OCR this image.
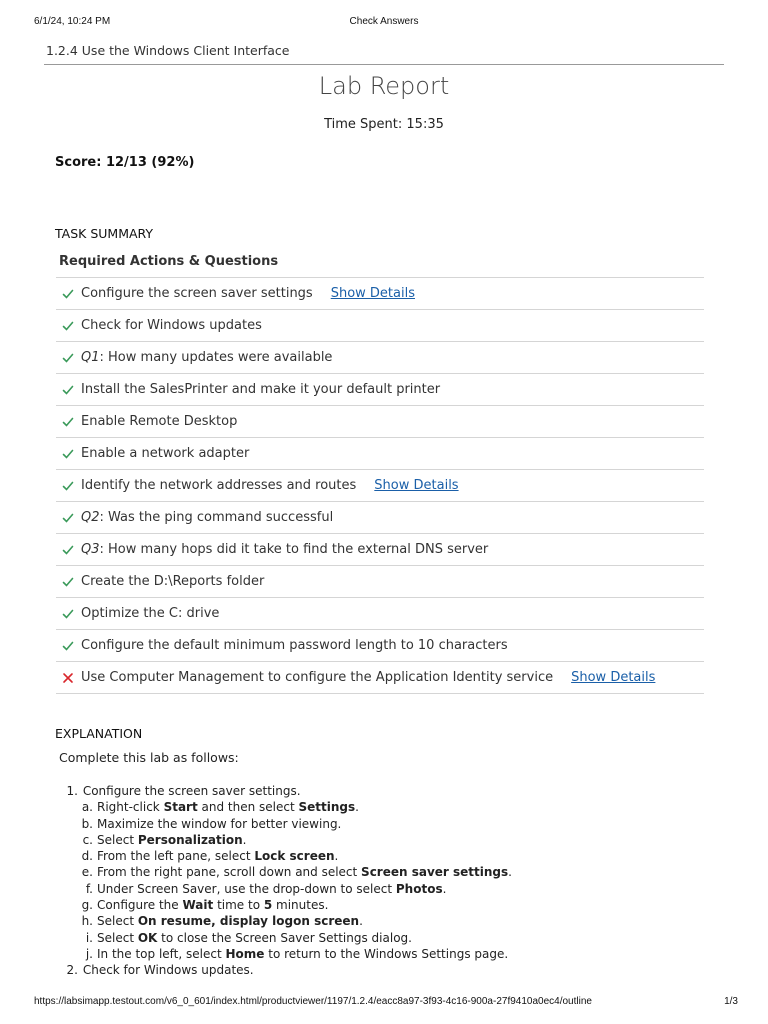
6/1/24, 10:24 PM	Check Answers
1.2.4 Use the Windows Client Interface
Lab Report
Time Spent: 15:35
Score: 12/13 (92%)
TASK SUMMARY
Required Actions & Questions
Configure the screen saver settings Show Details
Check for Windows updates
Q1: How many updates were available
Install the SalesPrinter and make it your default printer
Enable Remote Desktop
Enable a network adapter
Identify the network addresses and routes Show Details
Q2: Was the ping command successful
Q3: How many hops did it take to find the external DNS server
Create the D:\Reports folder
Optimize the C: drive
Configure the default minimum password length to 10 characters
Use Computer Management to configure the Application Identity service Show Details
EXPLANATION
Complete this lab as follows:
1. Configure the screen saver settings.
a. Right-click Start and then select Settings.
b. Maximize the window for better viewing.
c. Select Personalization.
d. From the left pane, select Lock screen.
e. From the right pane, scroll down and select Screen saver settings.
f. Under Screen Saver, use the drop-down to select Photos.
g. Configure the Wait time to 5 minutes.
h. Select On resume, display logon screen.
i. Select OK to close the Screen Saver Settings dialog.
j. In the top left, select Home to return to the Windows Settings page.
2. Check for Windows updates.
https://labsimapp.testout.com/v6_0_601/index.html/productviewer/1197/1.2.4/eacc8a97-3f93-4c16-900a-27f9410a0ec4/outline	1/3
